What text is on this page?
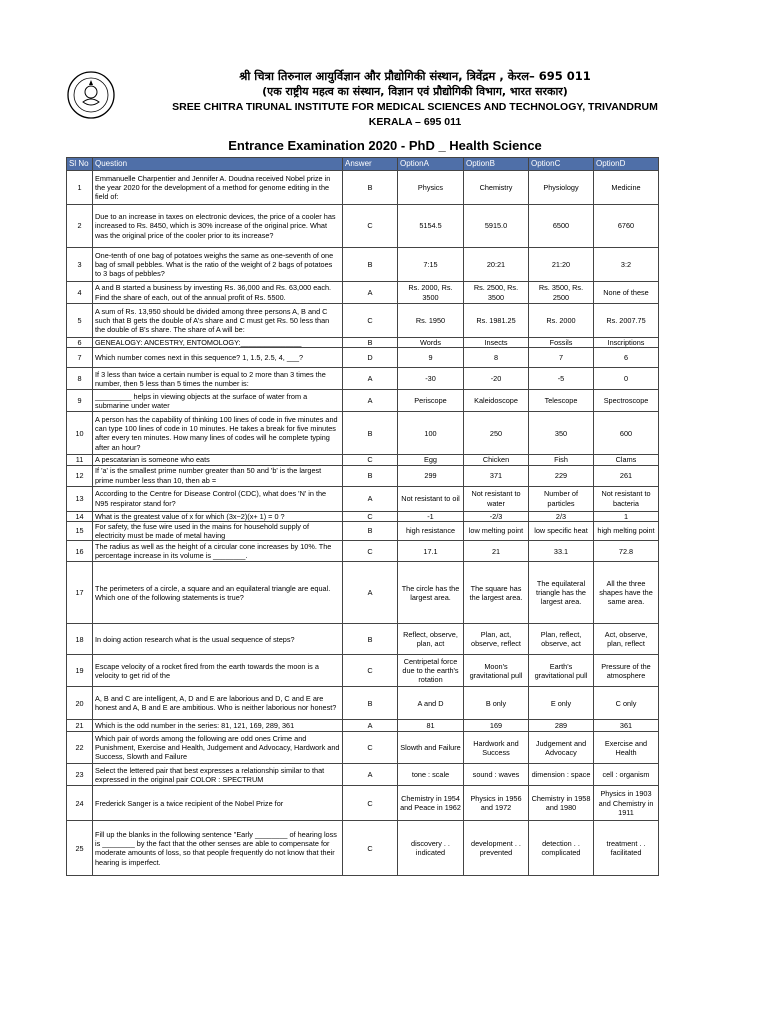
श्री चित्रा तिरुनाल आयुर्विज्ञान और प्रौद्योगिकी संस्थान, त्रिवेंद्रम , केरल– 695 011
(एक राष्ट्रीय महत्व का संस्थान, विज्ञान एवं प्रौद्योगिकी विभाग, भारत सरकार)
SREE CHITRA TIRUNAL INSTITUTE FOR MEDICAL SCIENCES AND TECHNOLOGY, TRIVANDRUM
KERALA – 695 011
Entrance Examination 2020 - PhD _ Health Science
Sl No	Question	Answer	OptionA	OptionB	OptionC	OptionD
1	Emmanuelle Charpentier and Jennifer A. Doudna received Nobel prize in the year 2020 for the development of a method for genome editing in the field of:	B	Physics	Chemistry	Physiology	Medicine
2	Due to an increase in taxes on electronic devices, the price of a cooler has increased to Rs. 8450, which is 30% increase of the original price. What was the original price of the cooler prior to its increase?	C	5154.5	5915.0	6500	6760
3	One-tenth of one bag of potatoes weighs the same as one-seventh of one bag of small pebbles. What is the ratio of the weight of 2 bags of potatoes to 3 bags of pebbles?	B	7:15	20:21	21:20	3:2
4	A and B started a business by investing Rs. 36,000 and Rs. 63,000 each. Find the share of each, out of the annual profit of Rs. 5500.	A	Rs. 2000, Rs. 3500	Rs. 2500, Rs. 3500	Rs. 3500, Rs. 2500	None of these
5	A sum of Rs. 13,950 should be divided among three persons A, B and C such that B gets the double of A's share and C must get Rs. 50 less than the double of B's share. The share of A will be:	C	Rs. 1950	Rs. 1981.25	Rs. 2000	Rs. 2007.75
6	GENEALOGY: ANCESTRY, ENTOMOLOGY:_______________	B	Words	Insects	Fossils	Inscriptions
7	Which number comes next in this sequence? 1, 1.5, 2.5, 4, ___?	D	9	8	7	6
8	If 3 less than twice a certain number is equal to 2 more than 3 times the number, then 5 less than 5 times the number is:	A	-30	-20	-5	0
9	_________ helps in viewing objects at the surface of water from a submarine under water	A	Periscope	Kaleidoscope	Telescope	Spectroscope
10	A person has the capability of thinking 100 lines of code in five minutes and can type 100 lines of code in 10 minutes. He takes a break for five minutes after every ten minutes. How many lines of codes will he complete typing after an hour?	B	100	250	350	600
11	A pescatarian is someone who eats	C	Egg	Chicken	Fish	Clams
12	If 'a' is the smallest prime number greater than 50 and 'b' is the largest prime number less than 10, then ab =	B	299	371	229	261
13	According to the Centre for Disease Control (CDC), what does 'N' in the N95 respirator stand for?	A	Not resistant to oil	Not resistant to water	Number of particles	Not resistant to bacteria
14	What is the greatest value of x for which (3x−2)(x+ 1) = 0 ?	C	-1	-2/3	2/3	1
15	For safety, the fuse wire used in the mains for household supply of electricity must be made of metal having	B	high resistance	low melting point	low specific heat	high melting point
16	The radius as well as the height of a circular cone increases by 10%. The percentage increase in its volume is ________.	C	17.1	21	33.1	72.8
17	The perimeters of a circle, a square and an equilateral triangle are equal. Which one of the following statements is true?	A	The circle has the largest area.	The square has the largest area.	The equilateral triangle has the largest area.	All the three shapes have the same area.
18	In doing action research what is the usual sequence of steps?	B	Reflect, observe, plan, act	Plan, act, observe, reflect	Plan, reflect, observe, act	Act, observe, plan, reflect
19	Escape velocity of a rocket fired from the earth towards the moon is a velocity to get rid of the	C	Centripetal force due to the earth's rotation	Moon's gravitational pull	Earth's gravitational pull	Pressure of the atmosphere
20	A, B and C are intelligent, A, D and E are laborious and D, C and E are honest and A, B and E are ambitious. Who is neither laborious nor honest?	B	A and D	B only	E only	C only
21	Which is the odd number in the series: 81, 121, 169, 289, 361	A	81	169	289	361
22	Which pair of words among the following are odd ones Crime and Punishment, Exercise and Health, Judgement and Advocacy, Hardwork and Success, Slowth and Failure	C	Slowth and Failure	Hardwork and Success	Judgement and Advocacy	Exercise and Health
23	Select the lettered pair that best expresses a relationship similar to that expressed in the original pair COLOR : SPECTRUM	A	tone : scale	sound : waves	dimension : space	cell : organism
24	Frederick Sanger is a twice recipient of the Nobel Prize for	C	Chemistry in 1954 and Peace in 1962	Physics in 1956 and 1972	Chemistry in 1958 and 1980	Physics in 1903 and Chemistry in 1911
25	Fill up the blanks in the following sentence "Early ________ of hearing loss is ________ by the fact that the other senses are able to compensate for moderate amounts of loss, so that people frequently do not know that their hearing is imperfect.	C	discovery . . indicated	development . . prevented	detection . . complicated	treatment . . facilitated
